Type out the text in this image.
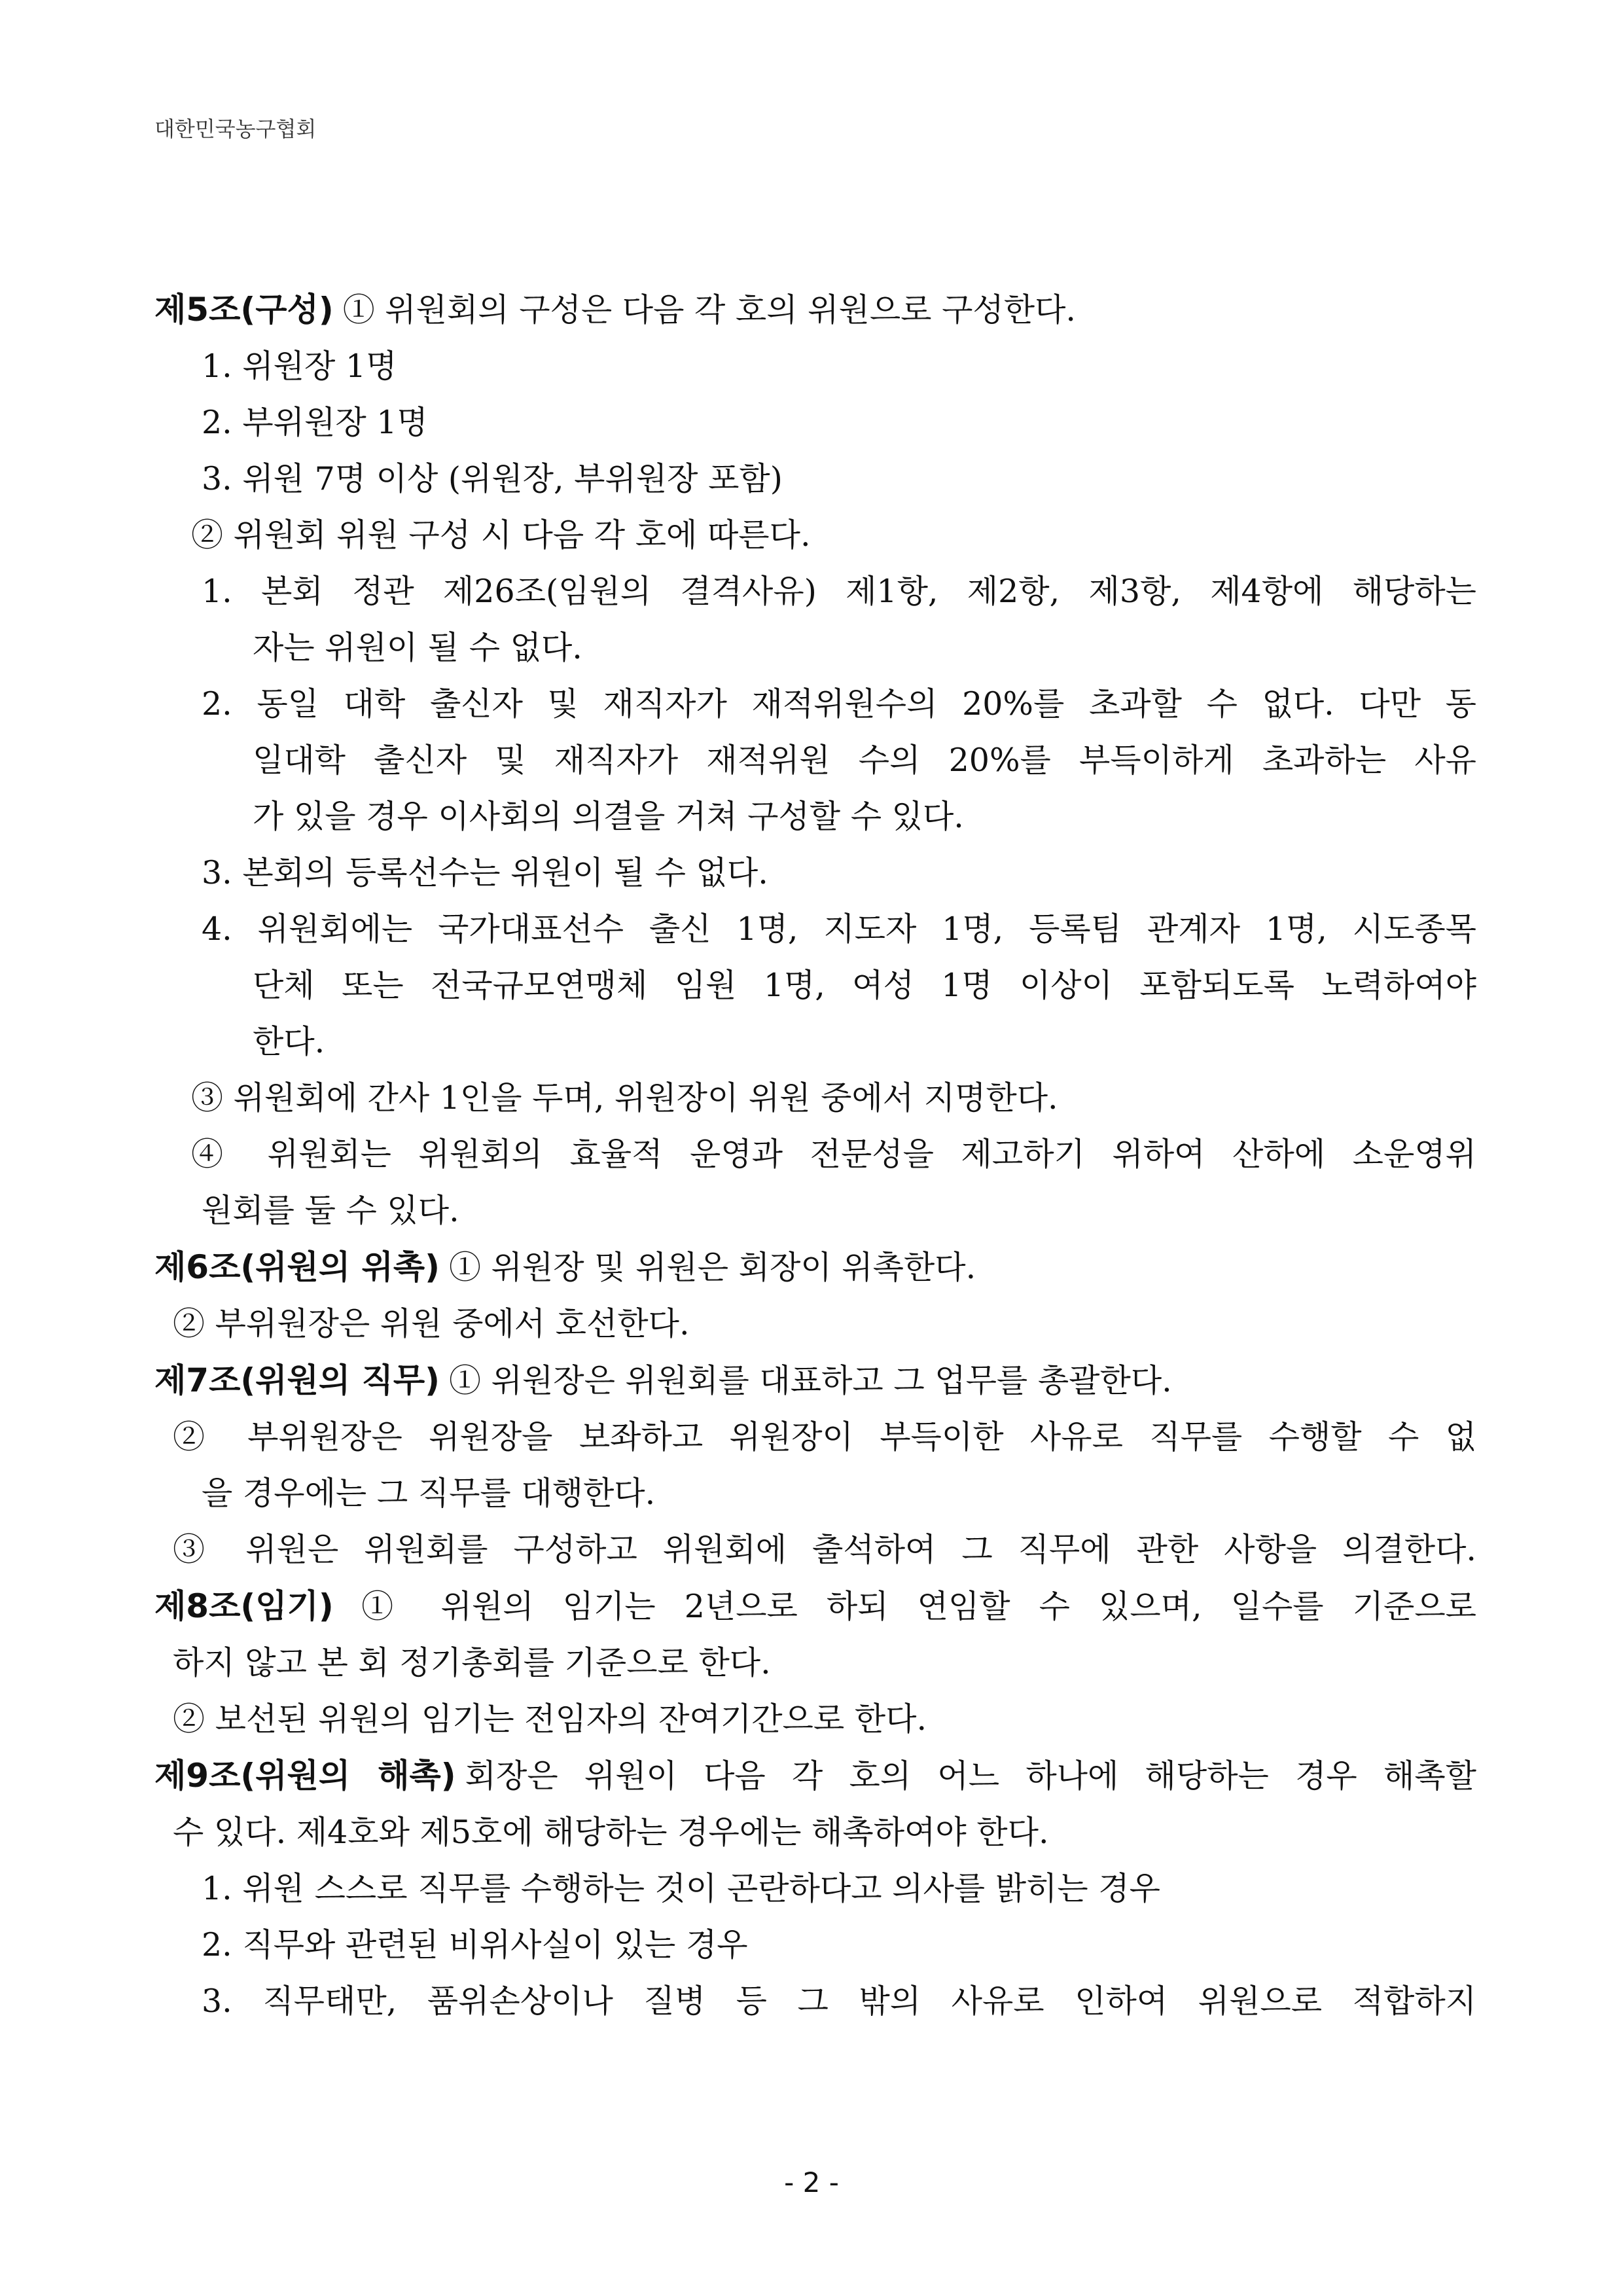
대한민국농구협회
제5조(구성) ① 위원회의 구성은 다음 각 호의 위원으로 구성한다.
1. 위원장 1명
2. 부위원장 1명
3. 위원 7명 이상 (위원장, 부위원장 포함)
② 위원회 위원 구성 시 다음 각 호에 따른다.
1. 본회 정관 제26조(임원의 결격사유) 제1항, 제2항, 제3항, 제4항에 해당하는
자는 위원이 될 수 없다.
2. 동일 대학 출신자 및 재직자가 재적위원수의 20%를 초과할 수 없다. 다만 동
일대학 출신자 및 재직자가 재적위원 수의 20%를 부득이하게 초과하는 사유
가 있을 경우 이사회의 의결을 거쳐 구성할 수 있다.
3. 본회의 등록선수는 위원이 될 수 없다.
4. 위원회에는 국가대표선수 출신 1명, 지도자 1명, 등록팀 관계자 1명, 시도종목
단체 또는 전국규모연맹체 임원 1명, 여성 1명 이상이 포함되도록 노력하여야
한다.
③ 위원회에 간사 1인을 두며, 위원장이 위원 중에서 지명한다.
④ 위원회는 위원회의 효율적 운영과 전문성을 제고하기 위하여 산하에 소운영위
원회를 둘 수 있다.
제6조(위원의 위촉) ① 위원장 및 위원은 회장이 위촉한다.
② 부위원장은 위원 중에서 호선한다.
제7조(위원의 직무) ① 위원장은 위원회를 대표하고 그 업무를 총괄한다.
② 부위원장은 위원장을 보좌하고 위원장이 부득이한 사유로 직무를 수행할 수 없
을 경우에는 그 직무를 대행한다.
③ 위원은 위원회를 구성하고 위원회에 출석하여 그 직무에 관한 사항을 의결한다.
제8조(임기) ① 위원의 임기는 2년으로 하되 연임할 수 있으며, 일수를 기준으로
하지 않고 본 회 정기총회를 기준으로 한다.
② 보선된 위원의 임기는 전임자의 잔여기간으로 한다.
제9조(위원의 해촉) 회장은 위원이 다음 각 호의 어느 하나에 해당하는 경우 해촉할
수 있다. 제4호와 제5호에 해당하는 경우에는 해촉하여야 한다.
1. 위원 스스로 직무를 수행하는 것이 곤란하다고 의사를 밝히는 경우
2. 직무와 관련된 비위사실이 있는 경우
3. 직무태만, 품위손상이나 질병 등 그 밖의 사유로 인하여 위원으로 적합하지
- 2 -
